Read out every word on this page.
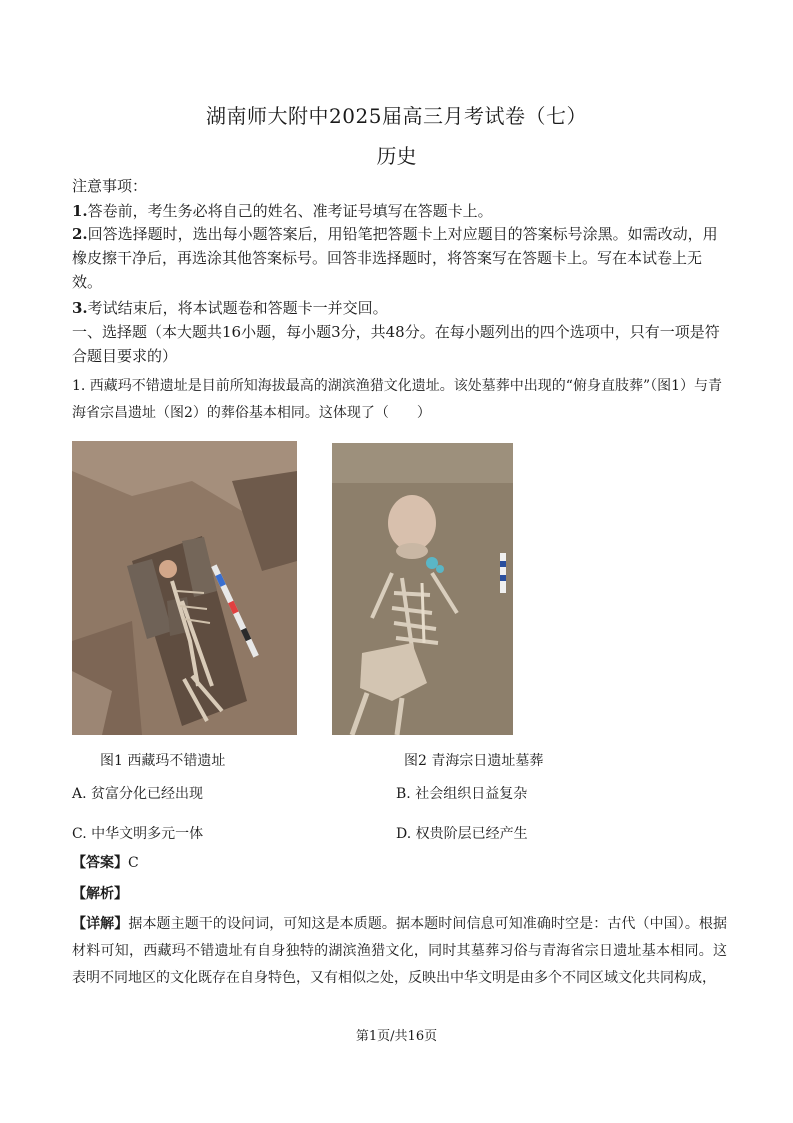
湖南师大附中2025届高三月考试卷（七）
历史
注意事项：
1.答卷前，考生务必将自己的姓名、准考证号填写在答题卡上。
2.回答选择题时，选出每小题答案后，用铅笔把答题卡上对应题目的答案标号涂黑。如需改动，用橡皮擦干净后，再选涂其他答案标号。回答非选择题时，将答案写在答题卡上。写在本试卷上无效。
3.考试结束后，将本试题卷和答题卡一并交回。
一、选择题（本大题共16小题，每小题3分，共48分。在每小题列出的四个选项中，只有一项是符合题目要求的）
1. 西藏玛不错遗址是目前所知海拔最高的湖滨渔猎文化遗址。该处墓葬中出现的“俯身直肢葬”（图1）与青海省宗昌遗址（图2）的葬俗基本相同。这体现了（　　）
图1 西藏玛不错遗址	图2 青海宗日遗址墓葬
A. 贫富分化已经出现	B. 社会组织日益复杂
C. 中华文明多元一体	D. 权贵阶层已经产生
【答案】C
【解析】
【详解】据本题主题干的设问词，可知这是本质题。据本题时间信息可知准确时空是：古代（中国）。根据材料可知，西藏玛不错遗址有自身独特的湖滨渔猎文化，同时其墓葬习俗与青海省宗日遗址基本相同。这表明不同地区的文化既存在自身特色，又有相似之处，反映出中华文明是由多个不同区域文化共同构成，
第1页/共16页
